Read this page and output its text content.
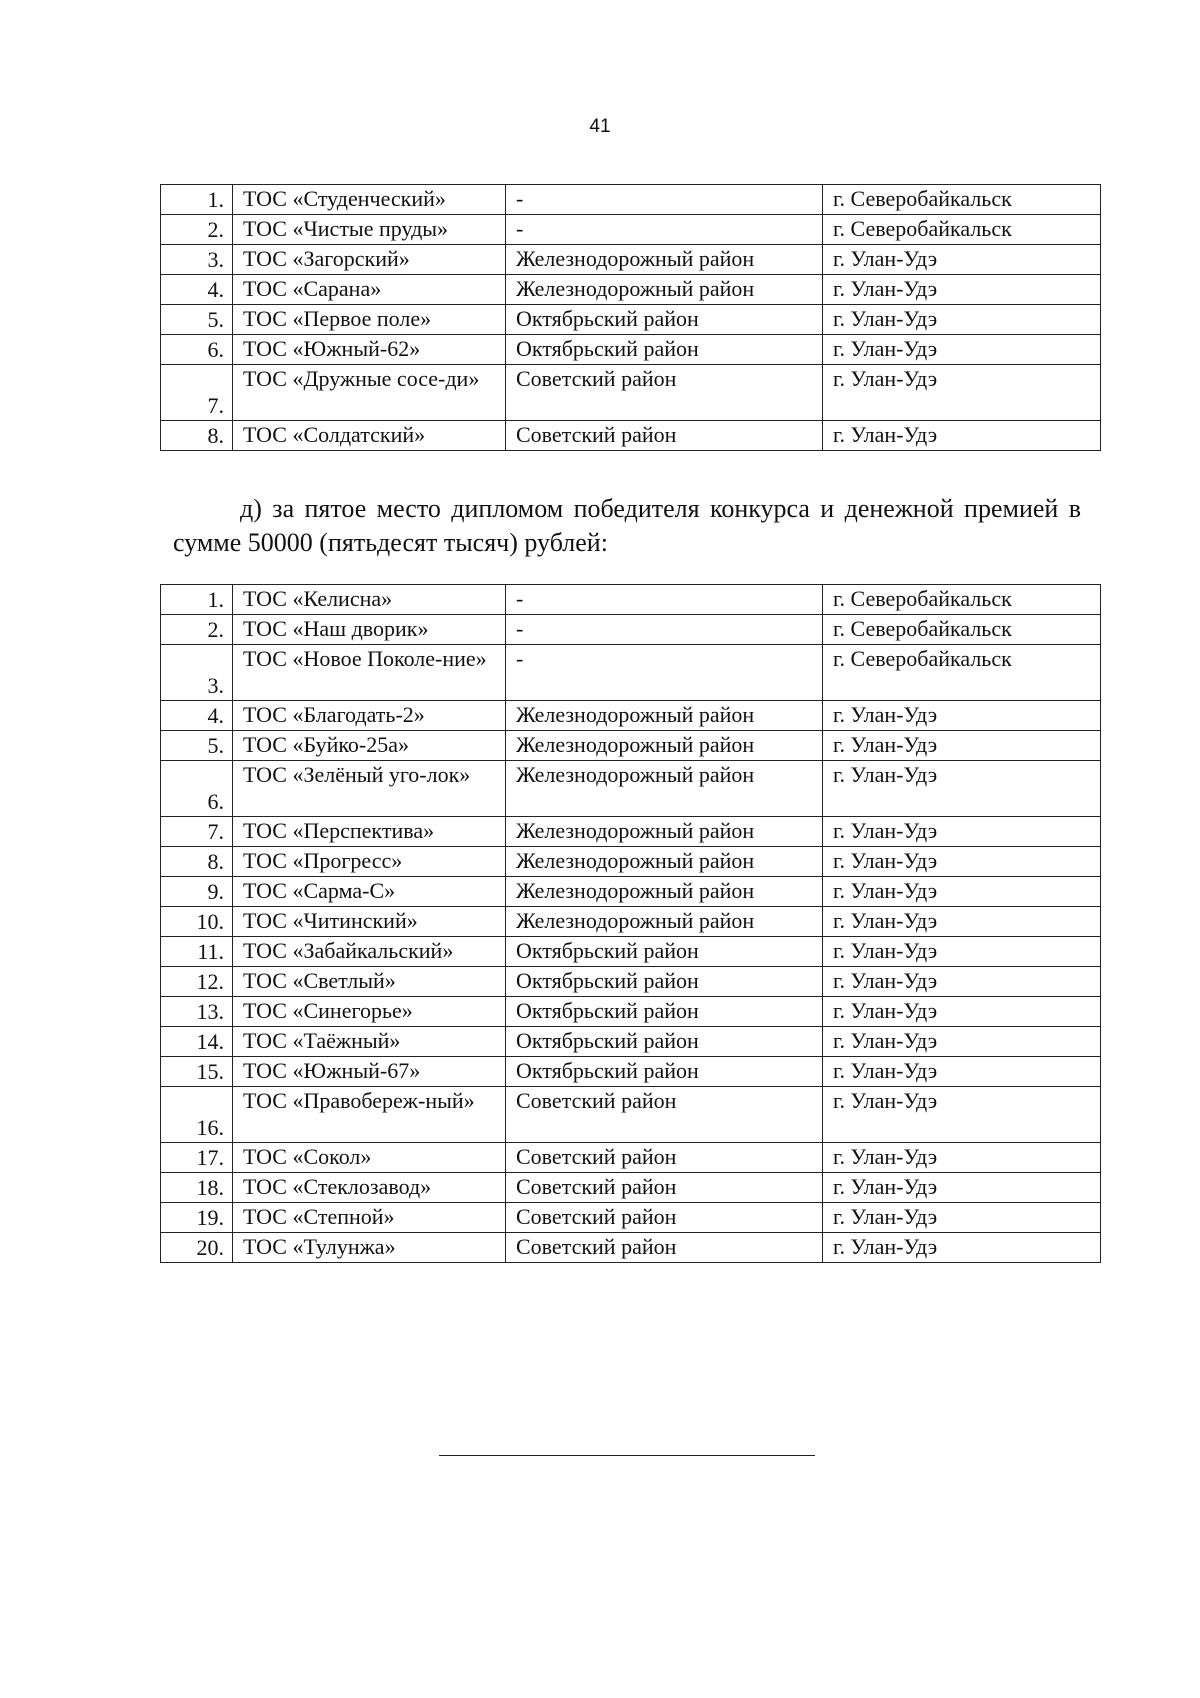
41
1.	ТОС «Студенческий»	-	г. Северобайкальск
2.	ТОС «Чистые пруды»	-	г. Северобайкальск
3.	ТОС «Загорский»	Железнодорожный район	г. Улан-Удэ
4.	ТОС «Сарана»	Железнодорожный район	г. Улан-Удэ
5.	ТОС «Первое поле»	Октябрьский район	г. Улан-Удэ
6.	ТОС «Южный-62»	Октябрьский район	г. Улан-Удэ
7.	ТОС «Дружные сосе-ди»	Советский район	г. Улан-Удэ
8.	ТОС «Солдатский»	Советский район	г. Улан-Удэ
д) за пятое место дипломом победителя конкурса и денежной премией в сумме 50000 (пятьдесят тысяч) рублей:
1.	ТОС «Келисна»	-	г. Северобайкальск
2.	ТОС «Наш дворик»	-	г. Северобайкальск
3.	ТОС «Новое Поколе-ние»	-	г. Северобайкальск
4.	ТОС «Благодать-2»	Железнодорожный район	г. Улан-Удэ
5.	ТОС «Буйко-25а»	Железнодорожный район	г. Улан-Удэ
6.	ТОС «Зелёный уго-лок»	Железнодорожный район	г. Улан-Удэ
7.	ТОС «Перспектива»	Железнодорожный район	г. Улан-Удэ
8.	ТОС «Прогресс»	Железнодорожный район	г. Улан-Удэ
9.	ТОС «Сарма-С»	Железнодорожный район	г. Улан-Удэ
10.	ТОС «Читинский»	Железнодорожный район	г. Улан-Удэ
11.	ТОС «Забайкальский»	Октябрьский район	г. Улан-Удэ
12.	ТОС «Светлый»	Октябрьский район	г. Улан-Удэ
13.	ТОС «Синегорье»	Октябрьский район	г. Улан-Удэ
14.	ТОС «Таёжный»	Октябрьский район	г. Улан-Удэ
15.	ТОС «Южный-67»	Октябрьский район	г. Улан-Удэ
16.	ТОС «Правобереж-ный»	Советский район	г. Улан-Удэ
17.	ТОС «Сокол»	Советский район	г. Улан-Удэ
18.	ТОС «Стеклозавод»	Советский район	г. Улан-Удэ
19.	ТОС «Степной»	Советский район	г. Улан-Удэ
20.	ТОС «Тулунжа»	Советский район	г. Улан-Удэ
